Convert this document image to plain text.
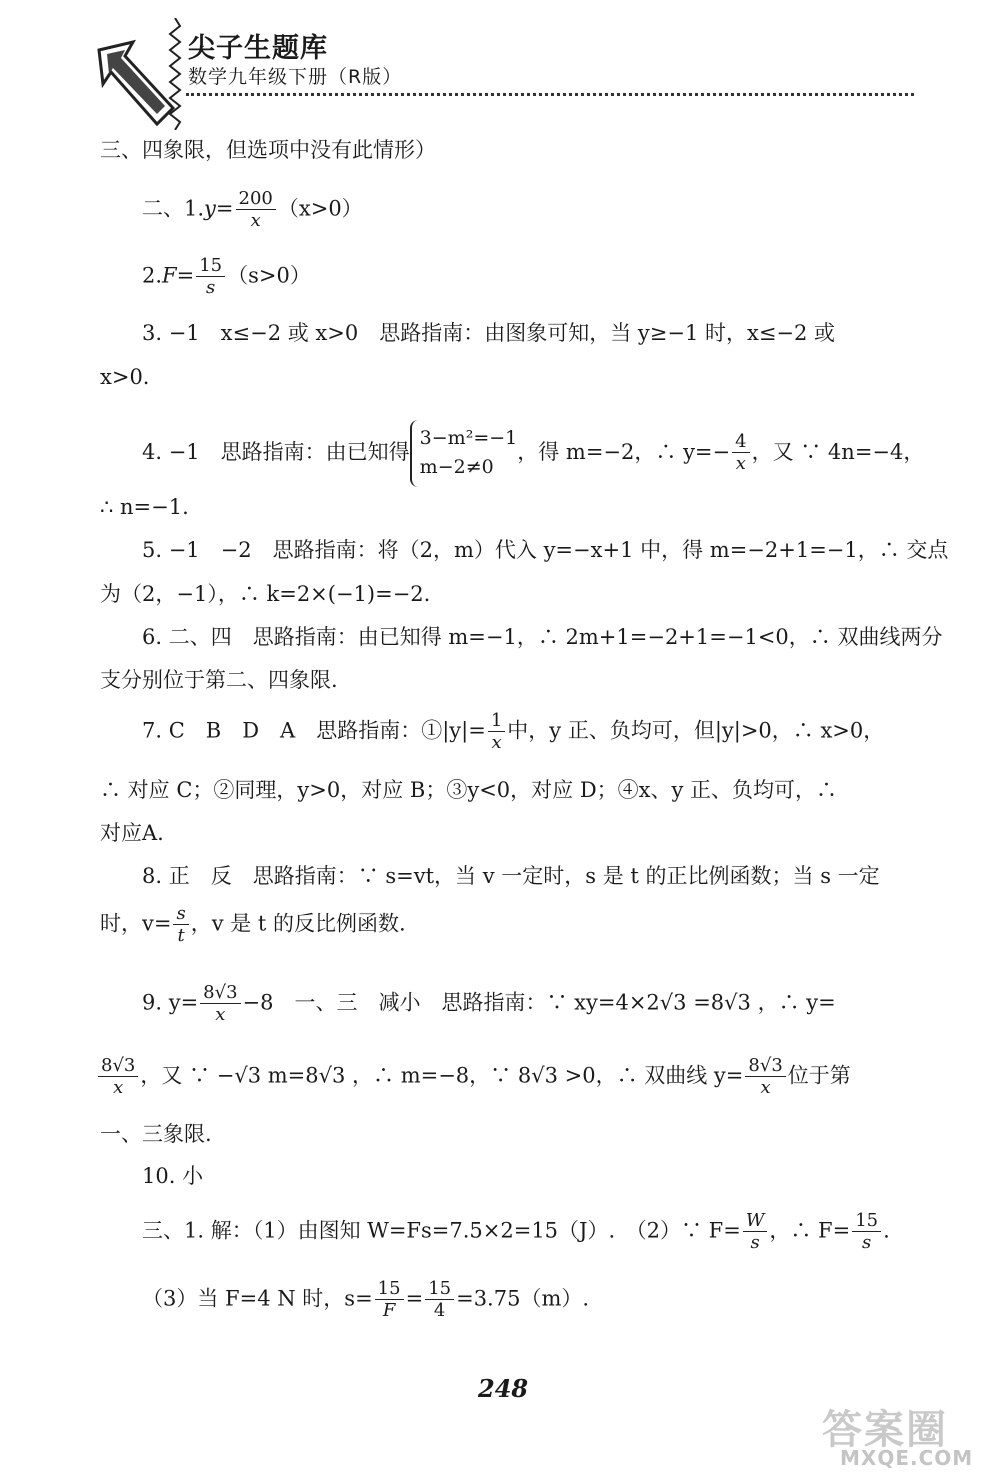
尖子生题库
数学九年级下册（R版）
三、四象限，但选项中没有此情形）
二、$1.y= \frac{200}{x} (x>0)$
$2.F= \frac{15}{s} (s>0)$
3. −1　x≤−2 或 x>0　思路指南：由图象可知，当 y≥−1 时，x≤−2 或
x>0.
4. −1　思路指南：由已知得
3−m²=−1
m−2≠0
，得 m=−2，∴ $y=- \frac{4}{x}$ ，又 ∵ 4n=−4，
∴ n=−1.
5. −1　−2　思路指南：将（2，m）代入 y=−x+1 中，得 m=−2+1=−1，∴ 交点
为（2，−1），∴ k=2×(−1)=−2.
6. 二、四　思路指南：由已知得 m=−1，∴ 2m+1=−2+1=−1<0，∴ 双曲线两分
支分别位于第二、四象限.
7. C　B　D　A　思路指南：①|y|= $\frac{1}{x}$ 中，y 正、负均可，但|y|>0，∴ x>0，
∴ 对应 C；②同理，y>0，对应 B；③y<0，对应 D；④x、y 正、负均可，∴
对应A.
8. 正　反　思路指南：∵ s=vt，当 v 一定时，s 是 t 的正比例函数；当 s 一定
时，$v= \frac{s}{t}$ ，v 是 t 的反比例函数.
9. $y= \frac{8√3}{x} -8$　一、三　减小　思路指南：∵ xy=4×2√3 =8√3 ，∴ y=
$\frac{8√3}{x}$ ，又 ∵ −√3 m=8√3 ，∴ m=−8，∵ 8√3 >0，∴ 双曲线 $y= \frac{8√3}{x}$ 位于第
一、三象限.
10. 小
三、1. 解：（1）由图知 W=Fs=7.5×2=15（J）.　（2）∵ $F= \frac{W}{s}$ ，∴ $F= \frac{15}{s}$ .
（3）当 F=4 N 时，$s= \frac{15}{F} = \frac{15}{4} =3.75(m)$.
248
答案圈
MXQE.COM
